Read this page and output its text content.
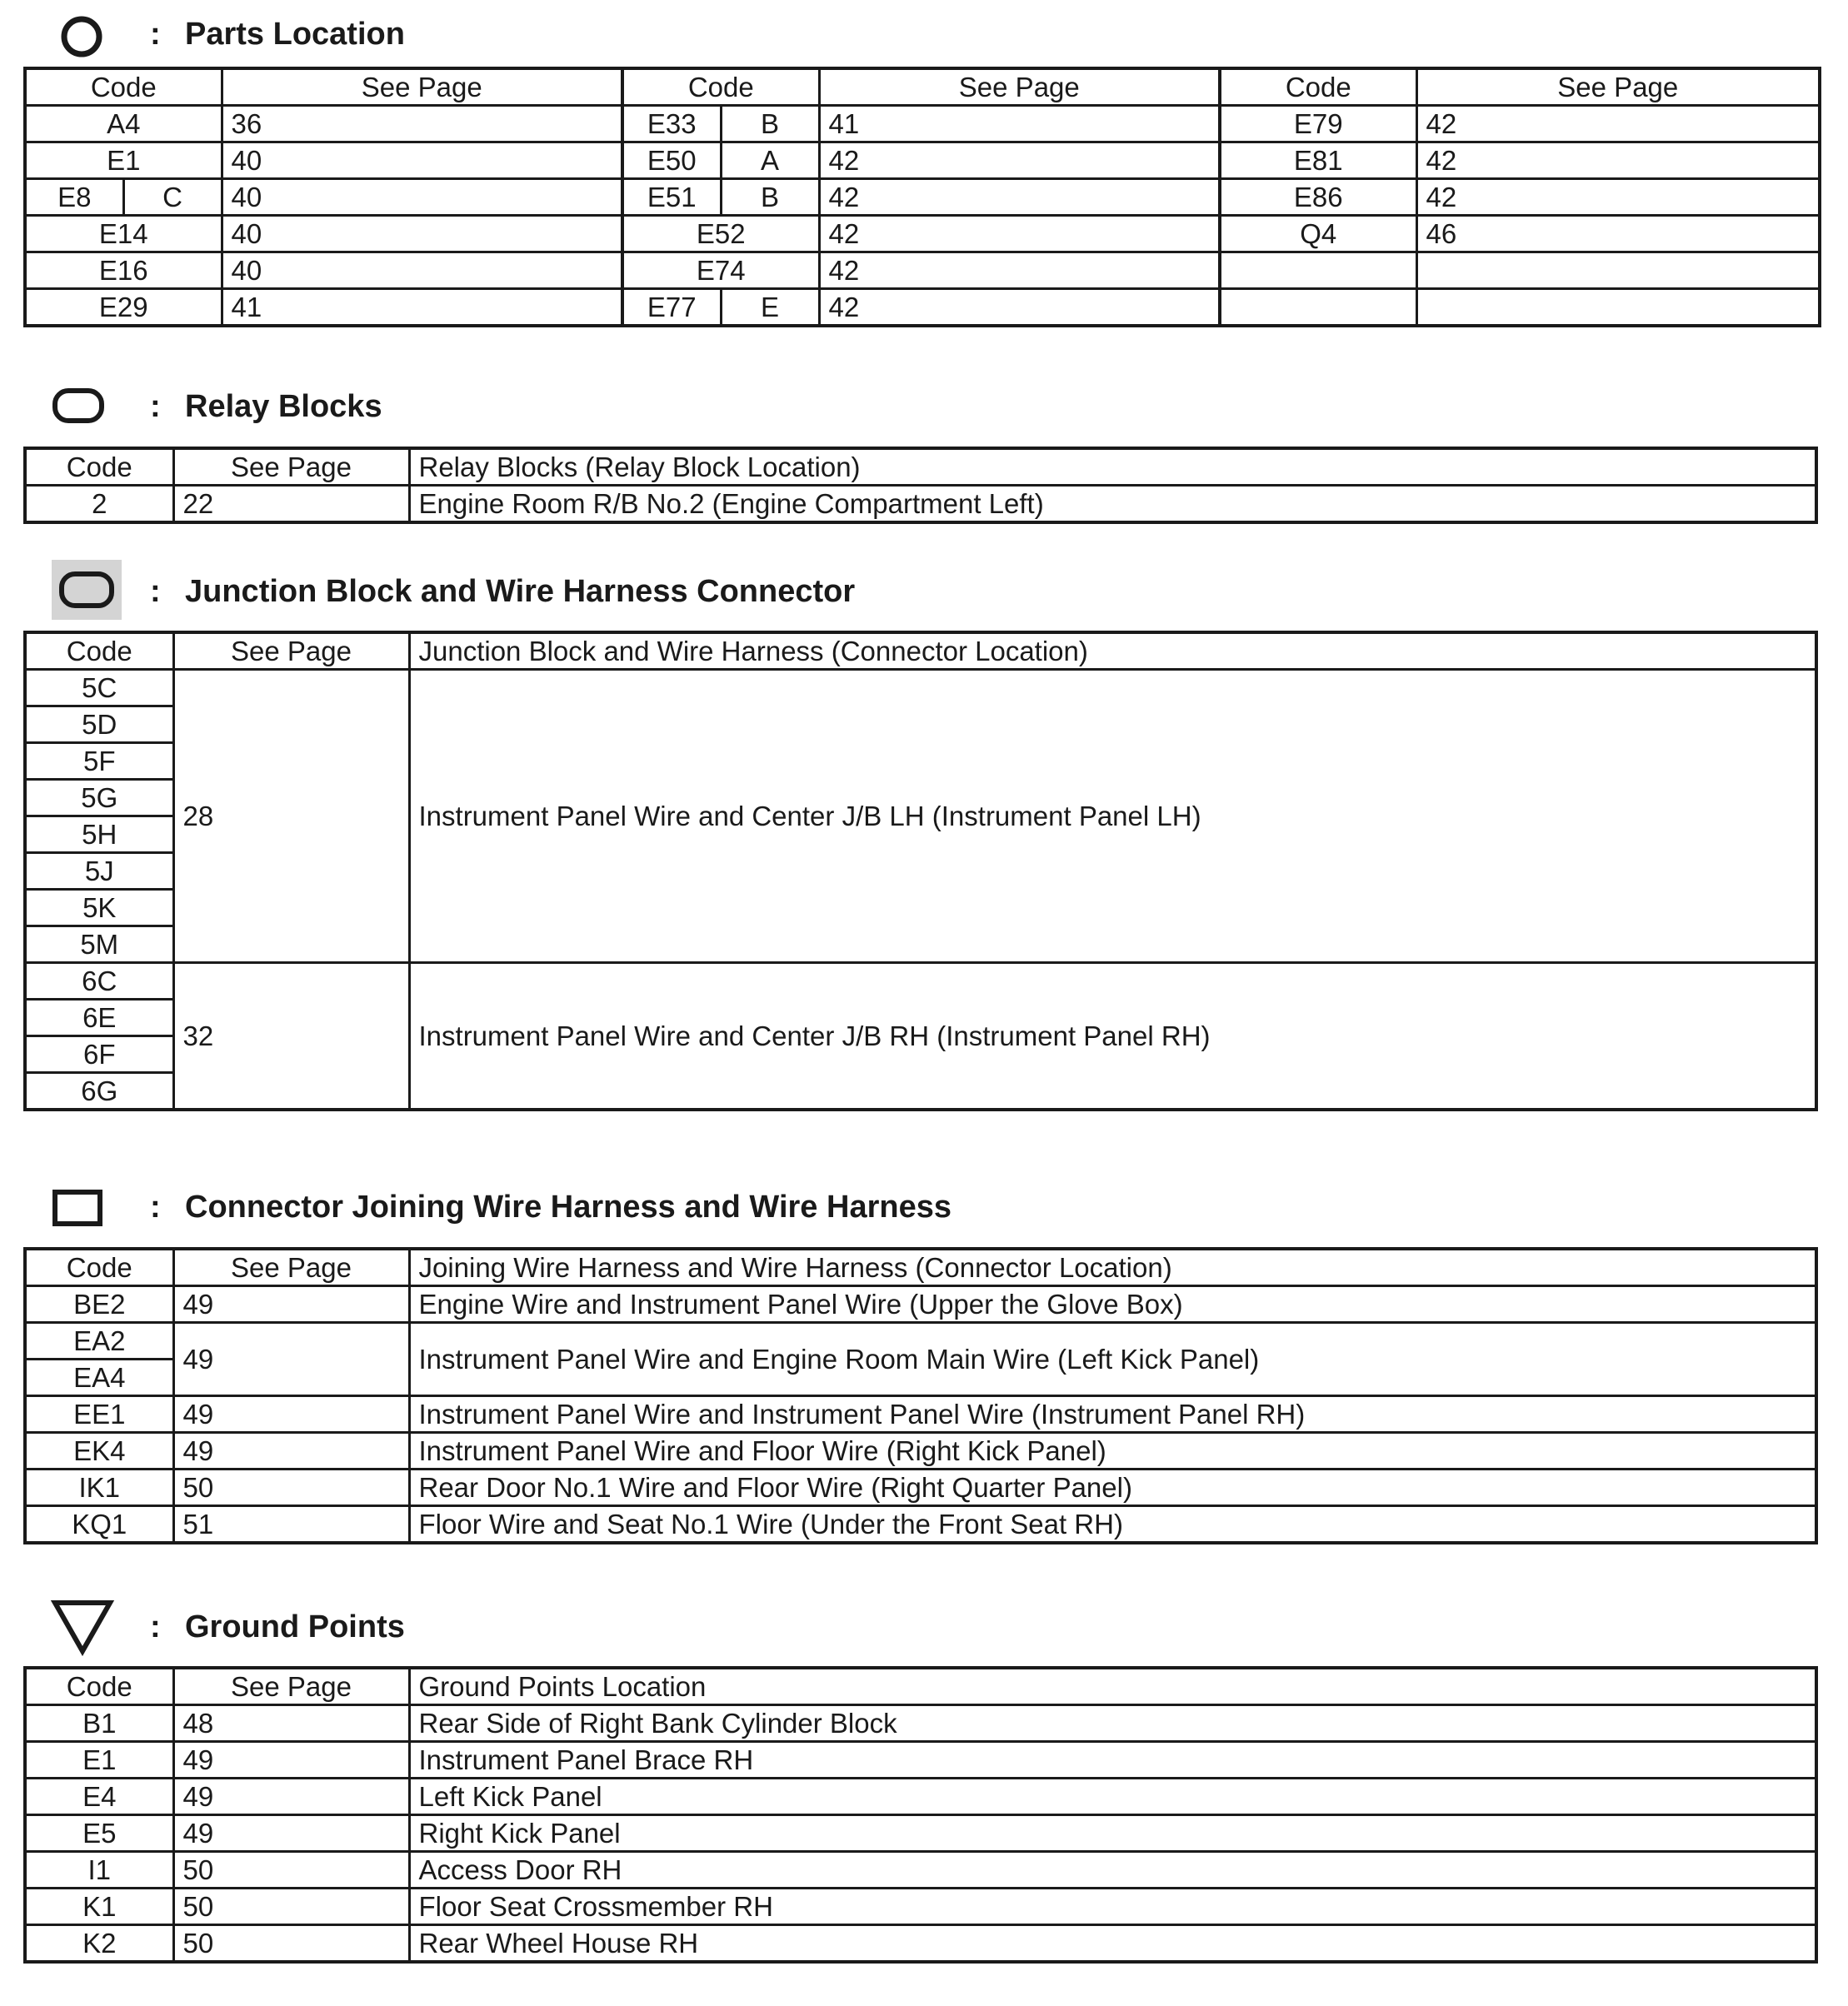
: Parts Location
Code		See Page	Code		See Page	Code	See Page
A4		36	E33	B	41	E79	42
E1		40	E50	A	42	E81	42
E8	C	40	E51	B	42	E86	42
E14		40	E52		42	Q4	46
E16		40	E74		42		
E29		41	E77	E	42		
: Relay Blocks
Code	See Page	Relay Blocks (Relay Block Location)
2	22	Engine Room R/B No.2 (Engine Compartment Left)
: Junction Block and Wire Harness Connector
Code	See Page	Junction Block and Wire Harness (Connector Location)
5C	28	Instrument Panel Wire and Center J/B LH (Instrument Panel LH)
5D		
5F		
5G		
5H		
5J		
5K		
5M		
6C	32	Instrument Panel Wire and Center J/B RH (Instrument Panel RH)
6E		
6F		
6G		
: Connector Joining Wire Harness and Wire Harness
Code	See Page	Joining Wire Harness and Wire Harness (Connector Location)
BE2	49	Engine Wire and Instrument Panel Wire (Upper the Glove Box)
EA2	49	Instrument Panel Wire and Engine Room Main Wire (Left Kick Panel)
EA4		
EE1	49	Instrument Panel Wire and Instrument Panel Wire (Instrument Panel RH)
EK4	49	Instrument Panel Wire and Floor Wire (Right Kick Panel)
IK1	50	Rear Door No.1 Wire and Floor Wire (Right Quarter Panel)
KQ1	51	Floor Wire and Seat No.1 Wire (Under the Front Seat RH)
: Ground Points
Code	See Page	Ground Points Location
B1	48	Rear Side of Right Bank Cylinder Block
E1	49	Instrument Panel Brace RH
E4	49	Left Kick Panel
E5	49	Right Kick Panel
I1	50	Access Door RH
K1	50	Floor Seat Crossmember RH
K2	50	Rear Wheel House RH
